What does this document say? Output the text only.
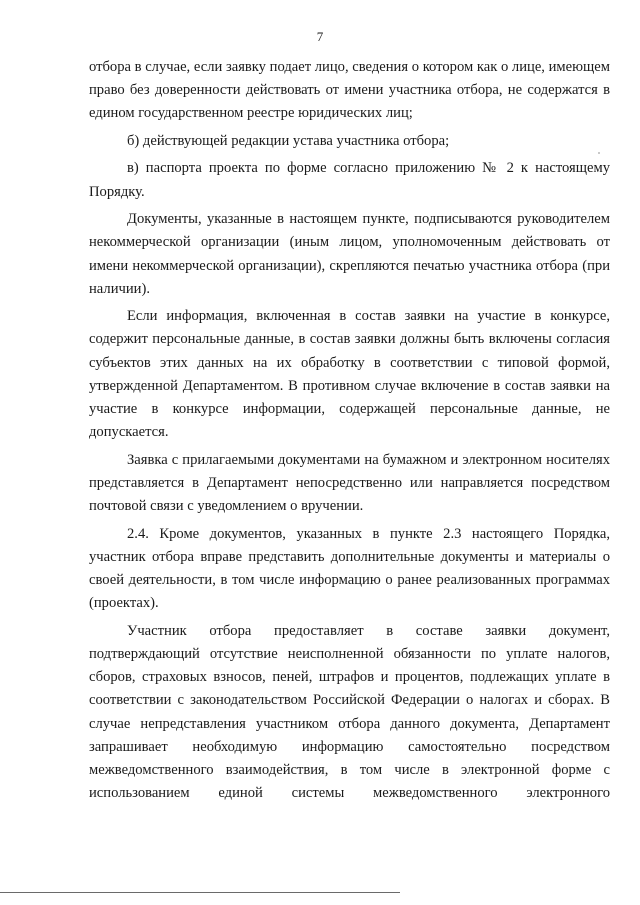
7

отбора в случае, если заявку подает лицо, сведения о котором как о лице, имеющем право без доверенности действовать от имени участника отбора, не содержатся в едином государственном реестре юридических лиц;

б) действующей редакции устава участника отбора;

в) паспорта проекта по форме согласно приложению № 2 к настоящему Порядку.

Документы, указанные в настоящем пункте, подписываются руководителем некоммерческой организации (иным лицом, уполномоченным действовать от имени некоммерческой организации), скрепляются печатью участника отбора (при наличии).

Если информация, включенная в состав заявки на участие в конкурсе, содержит персональные данные, в состав заявки должны быть включены согласия субъектов этих данных на их обработку в соответствии с типовой формой, утвержденной Департаментом. В противном случае включение в состав заявки на участие в конкурсе информации, содержащей персональные данные, не допускается.

Заявка с прилагаемыми документами на бумажном и электронном носителях представляется в Департамент непосредственно или направляется посредством почтовой связи с уведомлением о вручении.

2.4. Кроме документов, указанных в пункте 2.3 настоящего Порядка, участник отбора вправе представить дополнительные документы и материалы о своей деятельности, в том числе информацию о ранее реализованных программах (проектах).

Участник отбора предоставляет в составе заявки документ, подтверждающий отсутствие неисполненной обязанности по уплате налогов, сборов, страховых взносов, пеней, штрафов и процентов, подлежащих уплате в соответствии с законодательством Российской Федерации о налогах и сборах. В случае непредставления участником отбора данного документа, Департамент запрашивает необходимую информацию самостоятельно посредством межведомственного взаимодействия, в том числе в электронной форме с использованием единой системы межведомственного электронного
